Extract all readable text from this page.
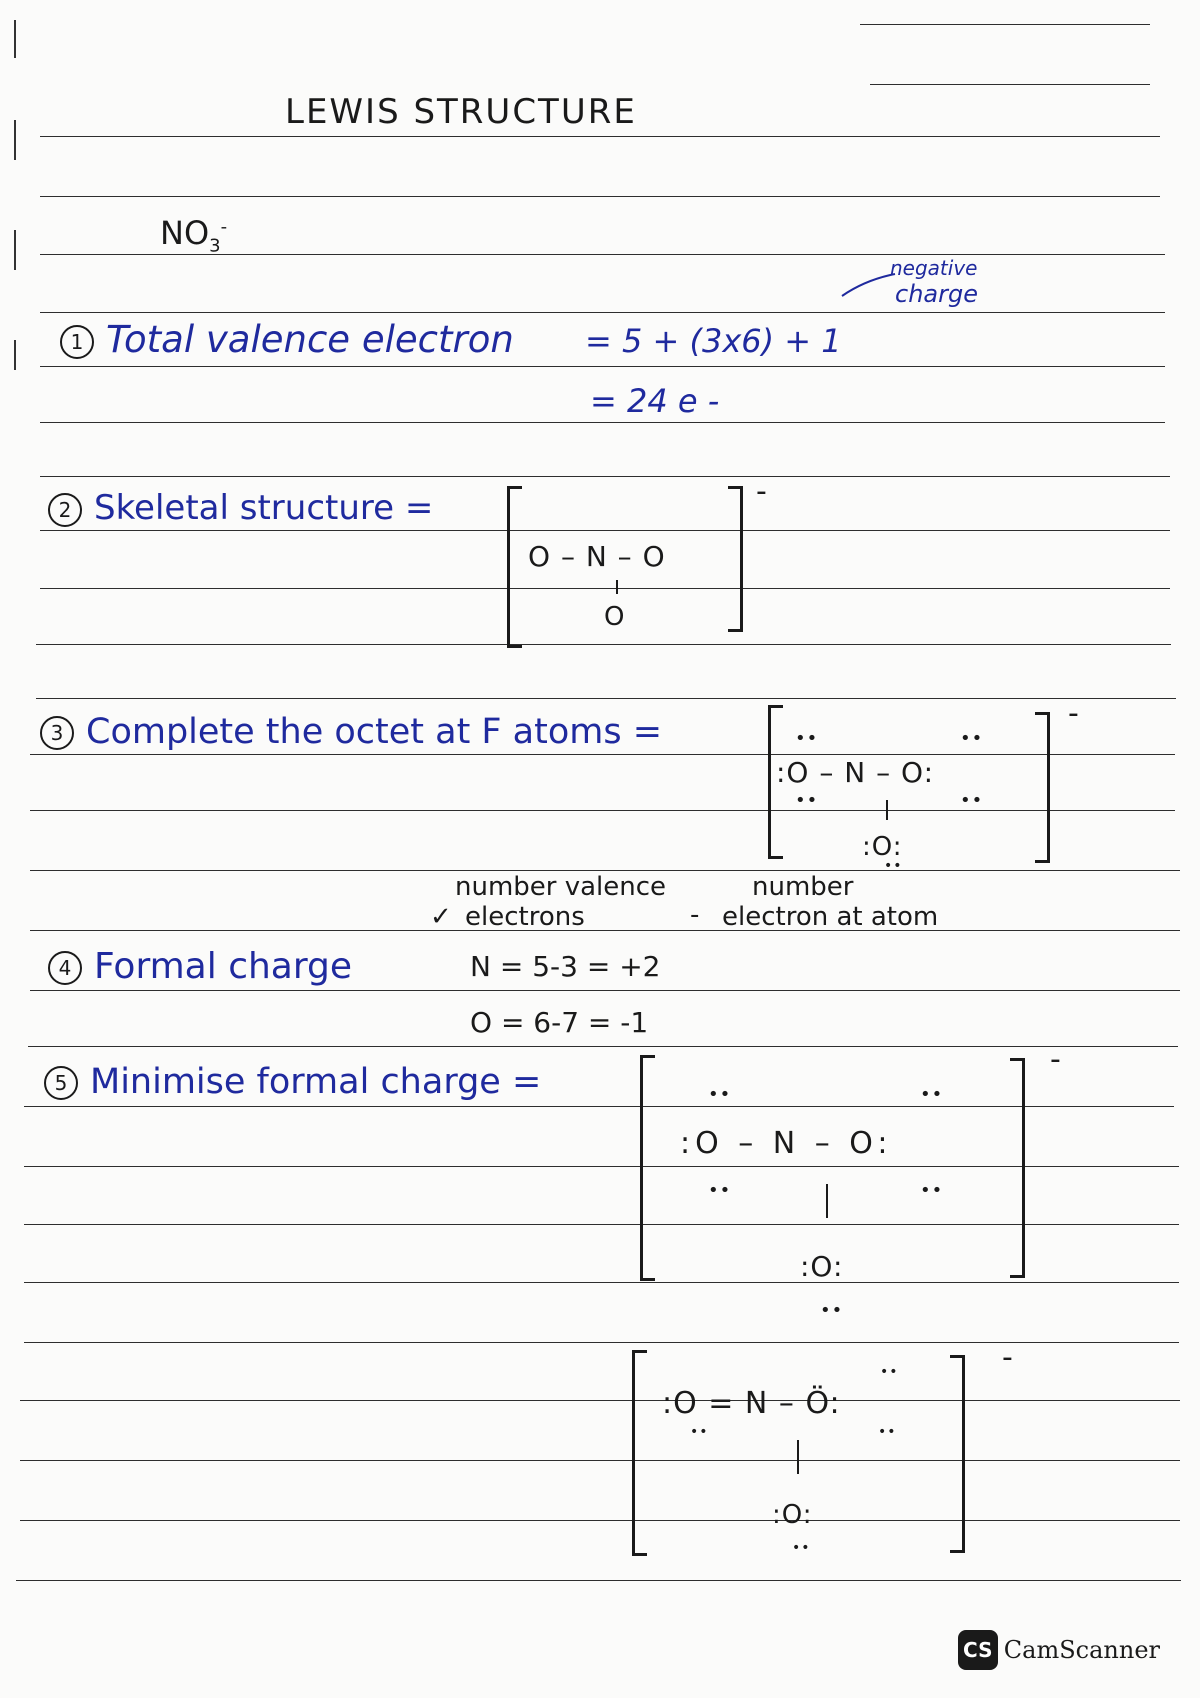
LEWIS STRUCTURE
$NO_3^-$
negative
charge
1 Total valence electron = 5 + (3x6) + 1
= 24 e -
2 Skeletal structure =	-
O – N – O
O
3 Complete the octet at F atoms =	-
••	••
:O – N – O:
••	••
:O:
••
number valence
✓ electrons	-
number
electron at atom
4 Formal charge	N = 5-3 = +2
O = 6-7 = -1
5 Minimise formal charge =
-
••	••
:O – N – O:
••	••
:O:
••
-
••
:O = N – Ö:
••	••
:O:
••
CS CamScanner
